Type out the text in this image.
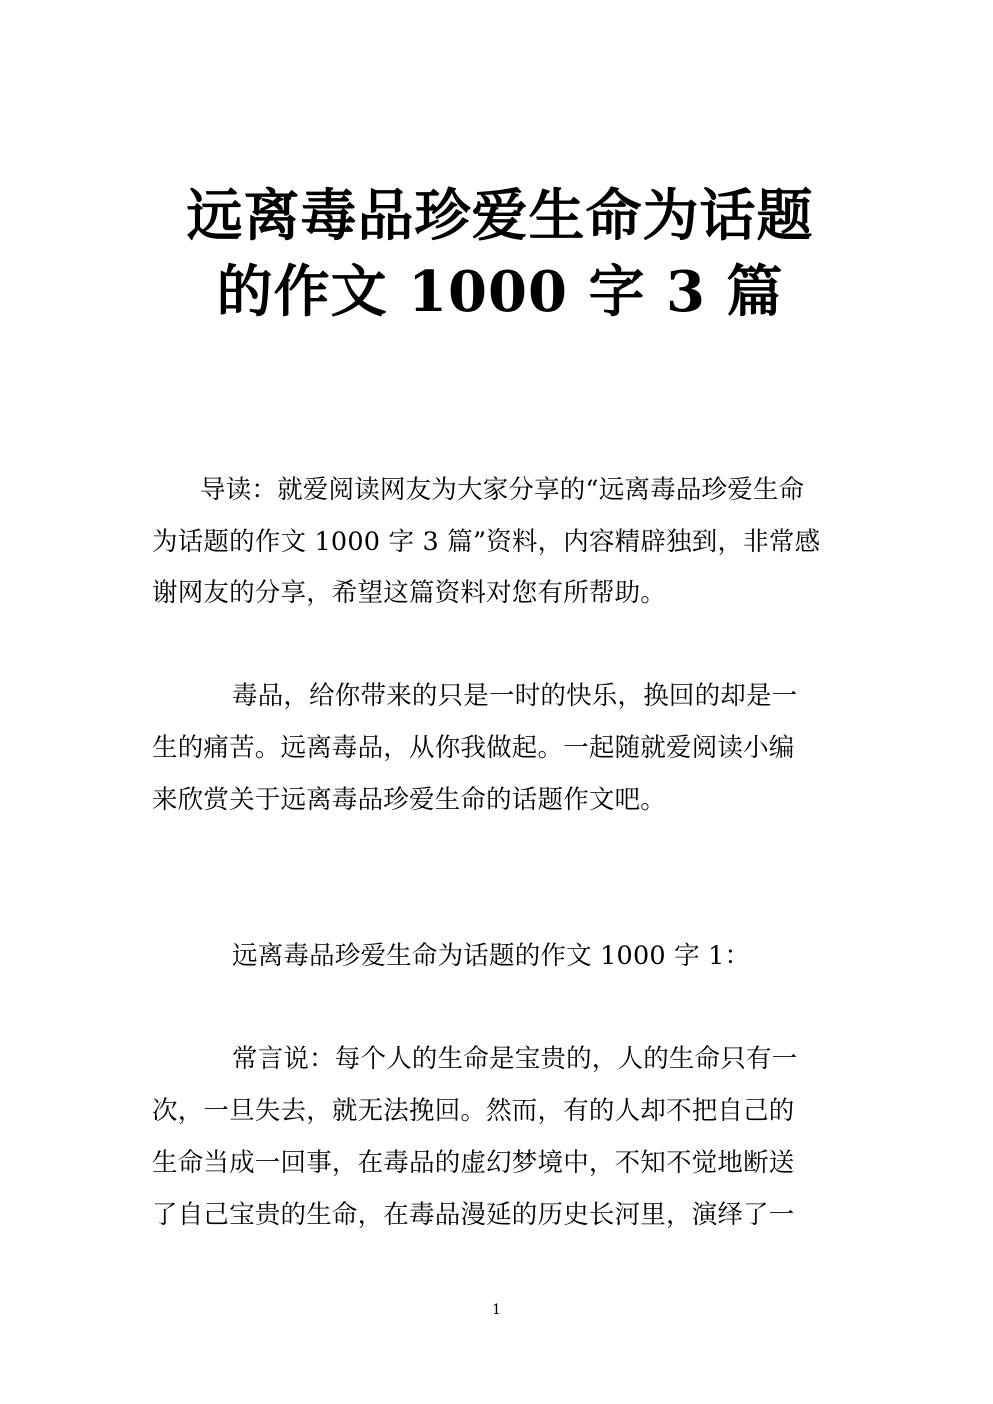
远离毒品珍爱生命为话题
的作文 1000 字 3 篇
导读：就爱阅读网友为大家分享的“远离毒品珍爱生命
为话题的作文 1000 字 3 篇”资料，内容精辟独到，非常感
谢网友的分享，希望这篇资料对您有所帮助。
毒品，给你带来的只是一时的快乐，换回的却是一
生的痛苦。远离毒品，从你我做起。一起随就爱阅读小编
来欣赏关于远离毒品珍爱生命的话题作文吧。
远离毒品珍爱生命为话题的作文 1000 字 1：
常言说：每个人的生命是宝贵的，人的生命只有一
次，一旦失去，就无法挽回。然而，有的人却不把自己的
生命当成一回事，在毒品的虚幻梦境中，不知不觉地断送
了自己宝贵的生命，在毒品漫延的历史长河里，演绎了一
1
